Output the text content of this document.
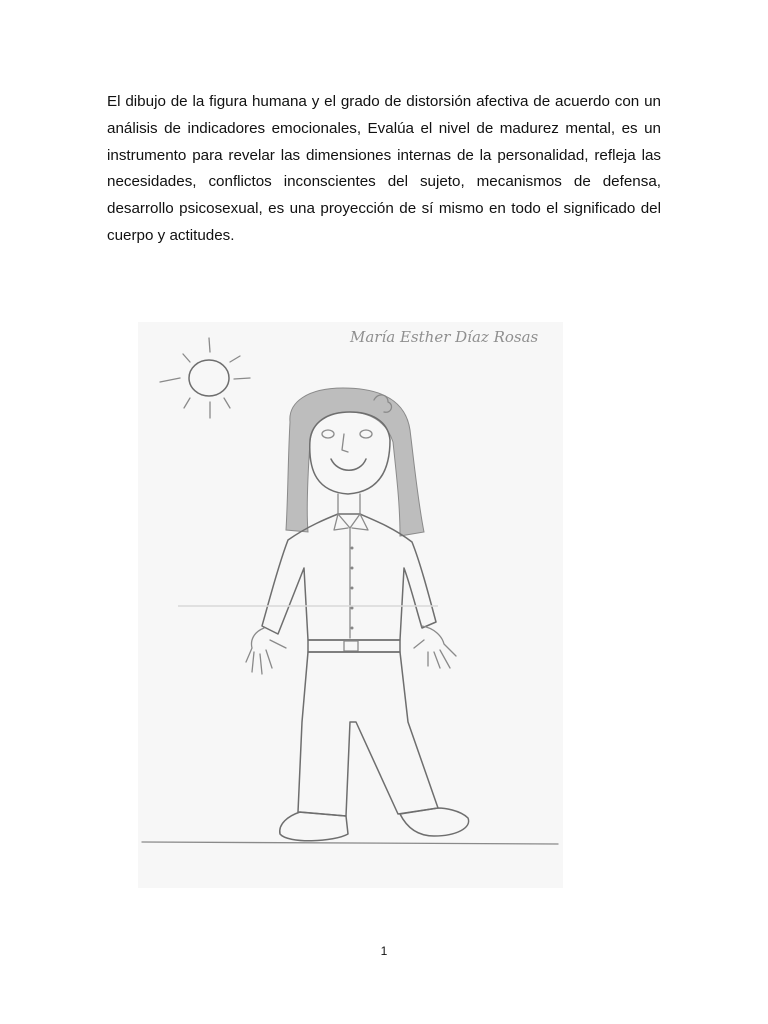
El dibujo de la figura humana y el grado de distorsión afectiva de acuerdo con un análisis de indicadores emocionales, Evalúa el nivel de madurez mental, es un instrumento para revelar las dimensiones internas de la personalidad, refleja las necesidades, conflictos inconscientes del sujeto, mecanismos de defensa, desarrollo psicosexual, es una proyección de sí mismo en todo el significado del cuerpo y actitudes.

María Esther Díaz Rosas
1
